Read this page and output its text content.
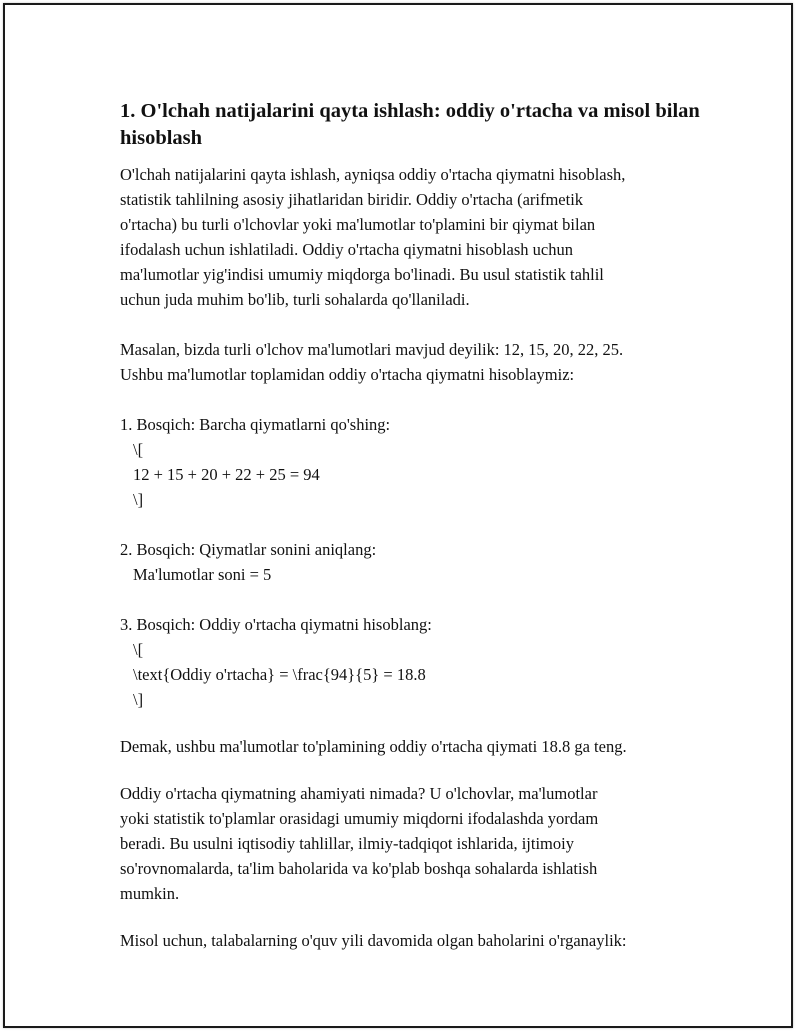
1. O'lchah natijalarini qayta ishlash: oddiy o'rtacha va misol bilan hisoblash

O'lchah natijalarini qayta ishlash, ayniqsa oddiy o'rtacha qiymatni hisoblash,

statistik tahlilning asosiy jihatlaridan biridir. Oddiy o'rtacha (arifmetik

o'rtacha) bu turli o'lchovlar yoki ma'lumotlar to'plamini bir qiymat bilan

ifodalash uchun ishlatiladi. Oddiy o'rtacha qiymatni hisoblash uchun

ma'lumotlar yig'indisi umumiy miqdorga bo'linadi. Bu usul statistik tahlil

uchun juda muhim bo'lib, turli sohalarda qo'llaniladi.

Masalan, bizda turli o'lchov ma'lumotlari mavjud deyilik: 12, 15, 20, 22, 25.

Ushbu ma'lumotlar toplamidan oddiy o'rtacha qiymatni hisoblaymiz:

1. Bosqich: Barcha qiymatlarni qo'shing:

\[

12 + 15 + 20 + 22 + 25 = 94

\]

2. Bosqich: Qiymatlar sonini aniqlang:

Ma'lumotlar soni = 5

3. Bosqich: Oddiy o'rtacha qiymatni hisoblang:

\[

\text{Oddiy o'rtacha} = \frac{94}{5} = 18.8

\]

Demak, ushbu ma'lumotlar to'plamining oddiy o'rtacha qiymati 18.8 ga teng.

Oddiy o'rtacha qiymatning ahamiyati nimada? U o'lchovlar, ma'lumotlar

yoki statistik to'plamlar orasidagi umumiy miqdorni ifodalashda yordam

beradi. Bu usulni iqtisodiy tahlillar, ilmiy-tadqiqot ishlarida, ijtimoiy

so'rovnomalarda, ta'lim baholarida va ko'plab boshqa sohalarda ishlatish

mumkin.

Misol uchun, talabalarning o'quv yili davomida olgan baholarini o'rganaylik:
